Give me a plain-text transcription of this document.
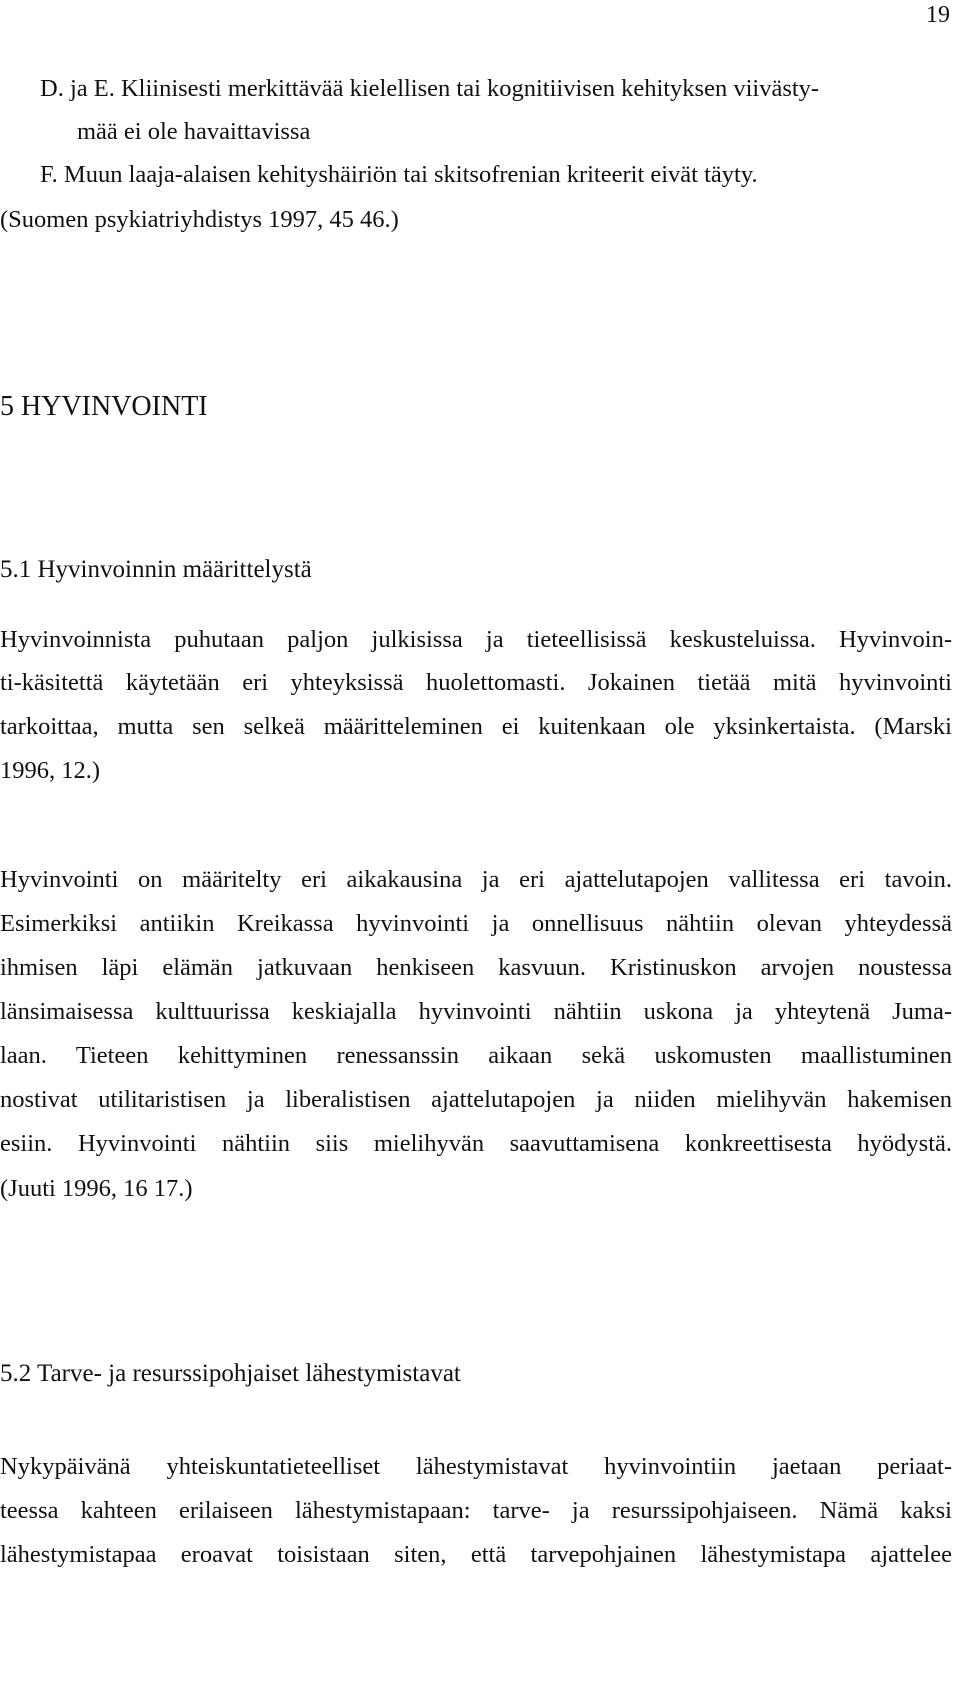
19
D. ja E. Kliinisesti merkittävää kielellisen tai kognitiivisen kehityksen viivästy-
mää ei ole havaittavissa
F. Muun laaja-alaisen kehityshäiriön tai skitsofrenian kriteerit eivät täyty.
(Suomen psykiatriyhdistys 1997, 45 46.)
5 HYVINVOINTI
5.1 Hyvinvoinnin määrittelystä
Hyvinvoinnista puhutaan paljon julkisissa ja tieteellisissä keskusteluissa. Hyvinvoin-
ti-käsitettä käytetään eri yhteyksissä huolettomasti. Jokainen tietää mitä hyvinvointi
tarkoittaa, mutta sen selkeä määritteleminen ei kuitenkaan ole yksinkertaista. (Marski
1996, 12.)
Hyvinvointi on määritelty eri aikakausina ja eri ajattelutapojen vallitessa eri tavoin.
Esimerkiksi antiikin Kreikassa hyvinvointi ja onnellisuus nähtiin olevan yhteydessä
ihmisen läpi elämän jatkuvaan henkiseen kasvuun. Kristinuskon arvojen noustessa
länsimaisessa kulttuurissa keskiajalla hyvinvointi nähtiin uskona ja yhteytenä Juma-
laan. Tieteen kehittyminen renessanssin aikaan sekä uskomusten maallistuminen
nostivat utilitaristisen ja liberalistisen ajattelutapojen ja niiden mielihyvän hakemisen
esiin. Hyvinvointi nähtiin siis mielihyvän saavuttamisena konkreettisesta hyödystä.
(Juuti 1996, 16 17.)
5.2 Tarve- ja resurssipohjaiset lähestymistavat
Nykypäivänä yhteiskuntatieteelliset lähestymistavat hyvinvointiin jaetaan periaat-
teessa kahteen erilaiseen lähestymistapaan: tarve- ja resurssipohjaiseen. Nämä kaksi
lähestymistapaa eroavat toisistaan siten, että tarvepohjainen lähestymistapa ajattelee
